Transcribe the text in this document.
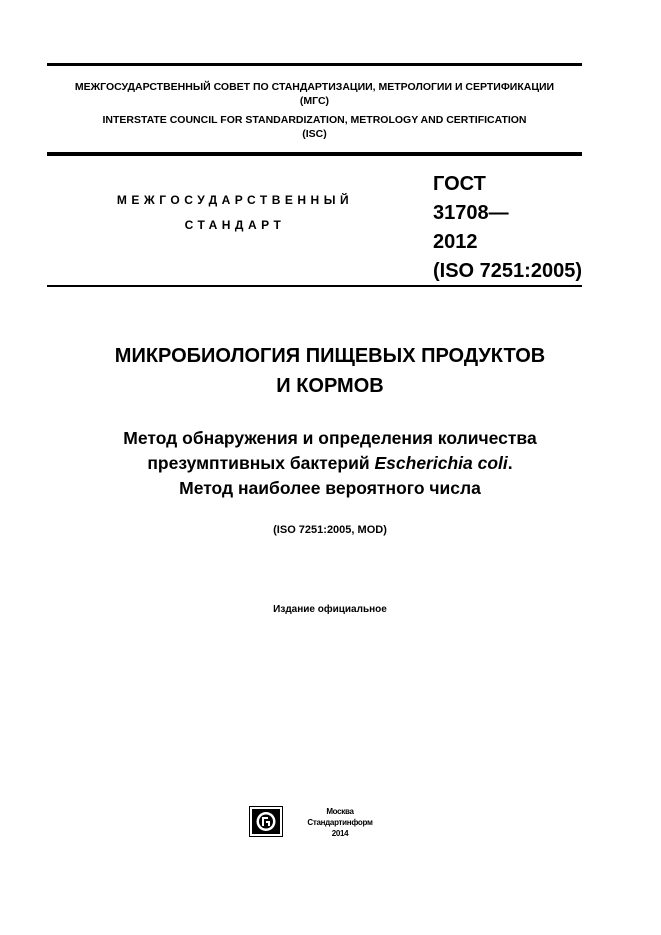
МЕЖГОСУДАРСТВЕННЫЙ СОВЕТ ПО СТАНДАРТИЗАЦИИ, МЕТРОЛОГИИ И СЕРТИФИКАЦИИ
(МГС)
INTERSTATE COUNCIL FOR STANDARDIZATION, METROLOGY AND CERTIFICATION
(ISC)
МЕЖГОСУДАРСТВЕННЫЙ
СТАНДАРТ
ГОСТ
31708—
2012
(ISO 7251:2005)
МИКРОБИОЛОГИЯ ПИЩЕВЫХ ПРОДУКТОВ
И КОРМОВ
Метод обнаружения и определения количества
презумптивных бактерий Escherichia coli.
Метод наиболее вероятного числа
(ISO 7251:2005, MOD)
Издание официальное
Москва
Стандартинформ
2014
